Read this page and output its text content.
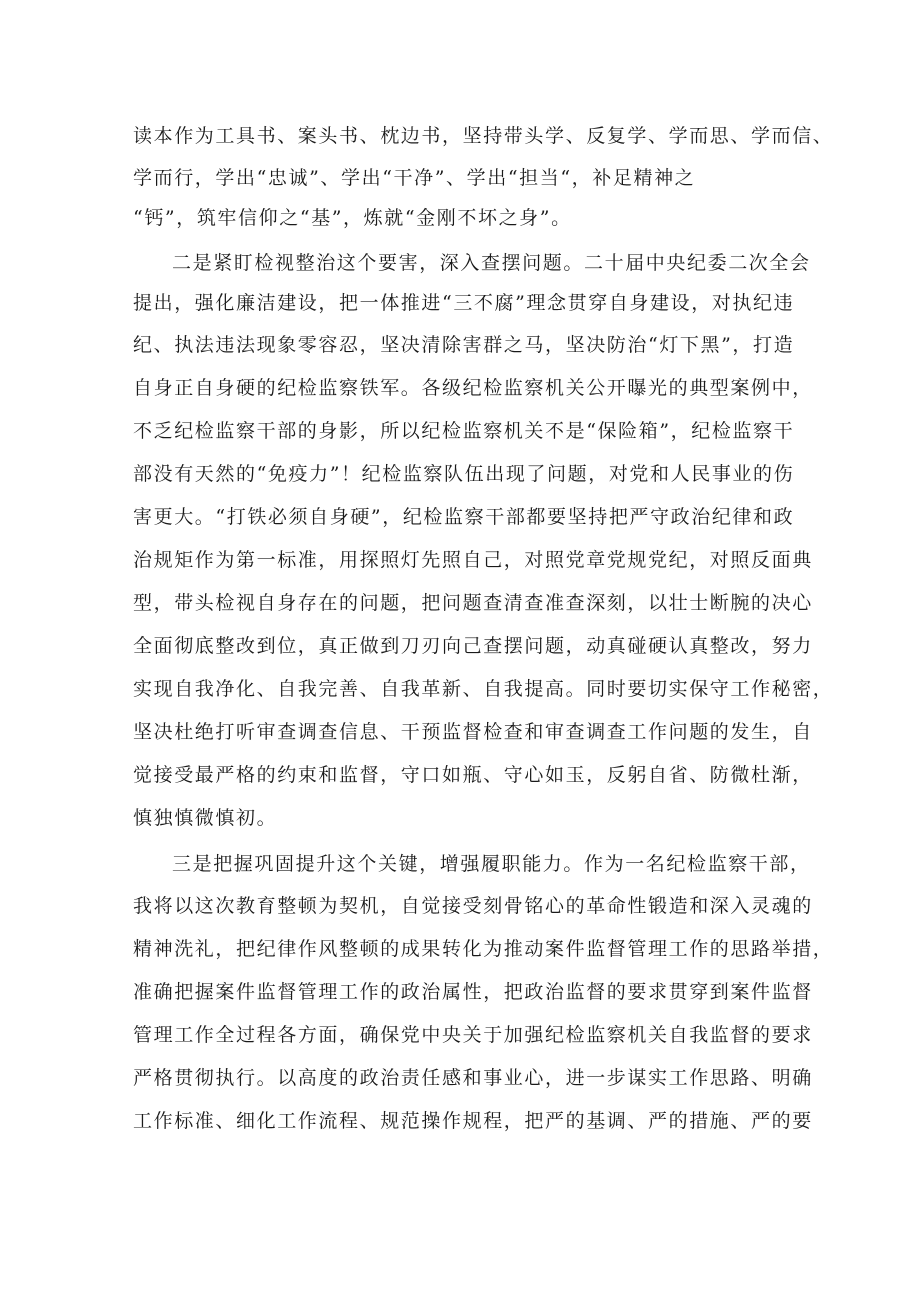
读本作为工具书、案头书、枕边书，坚持带头学、反复学、学而思、学而信、
学而行，学出“忠诚”、学出“干净”、学出“担当“，补足精神之
“钙”，筑牢信仰之“基”，炼就“金刚不坏之身”。
二是紧盯检视整治这个要害，深入查摆问题。二十届中央纪委二次全会
提出，强化廉洁建设，把一体推进“三不腐”理念贯穿自身建设，对执纪违
纪、执法违法现象零容忍，坚决清除害群之马，坚决防治“灯下黑”，打造
自身正自身硬的纪检监察铁军。各级纪检监察机关公开曝光的典型案例中，
不乏纪检监察干部的身影，所以纪检监察机关不是“保险箱”，纪检监察干
部没有天然的“免疫力”！纪检监察队伍出现了问题，对党和人民事业的伤
害更大。“打铁必须自身硬”，纪检监察干部都要坚持把严守政治纪律和政
治规矩作为第一标准，用探照灯先照自己，对照党章党规党纪，对照反面典
型，带头检视自身存在的问题，把问题查清查准查深刻，以壮士断腕的决心
全面彻底整改到位，真正做到刀刃向己查摆问题，动真碰硬认真整改，努力
实现自我净化、自我完善、自我革新、自我提高。同时要切实保守工作秘密，
坚决杜绝打听审查调查信息、干预监督检查和审查调查工作问题的发生，自
觉接受最严格的约束和监督，守口如瓶、守心如玉，反躬自省、防微杜渐，
慎独慎微慎初。
三是把握巩固提升这个关键，增强履职能力。作为一名纪检监察干部，
我将以这次教育整顿为契机，自觉接受刻骨铭心的革命性锻造和深入灵魂的
精神洗礼，把纪律作风整顿的成果转化为推动案件监督管理工作的思路举措，
准确把握案件监督管理工作的政治属性，把政治监督的要求贯穿到案件监督
管理工作全过程各方面，确保党中央关于加强纪检监察机关自我监督的要求
严格贯彻执行。以高度的政治责任感和事业心，进一步谋实工作思路、明确
工作标准、细化工作流程、规范操作规程，把严的基调、严的措施、严的要
